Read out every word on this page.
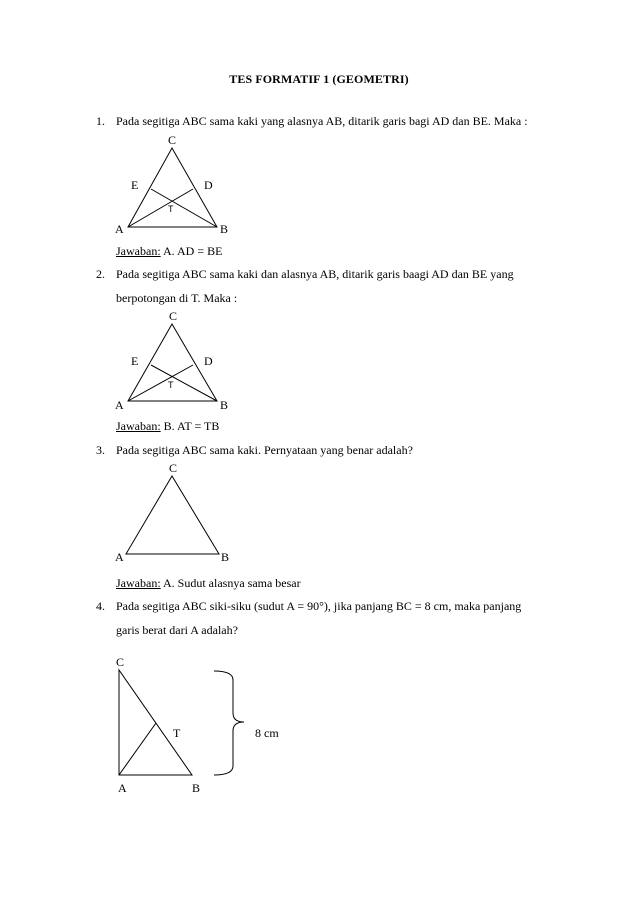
TES FORMATIF 1 (GEOMETRI)
1. Pada segitiga ABC sama kaki yang alasnya AB, ditarik garis bagi AD dan BE. Maka :
C
E	D
T
A	B
Jawaban: A. AD = BE
2. Pada segitiga ABC sama kaki dan alasnya AB, ditarik garis baagi AD dan BE yang
berpotongan di T. Maka :
C
E	D
T
A	B
Jawaban: B. AT = TB
3. Pada segitiga ABC sama kaki. Pernyataan yang benar adalah?
C
A	B
Jawaban: A. Sudut alasnya sama besar
4. Pada segitiga ABC siki-siku (sudut A = 90°), jika panjang BC = 8 cm, maka panjang
garis berat dari A adalah?
C
T	8 cm
A	B
